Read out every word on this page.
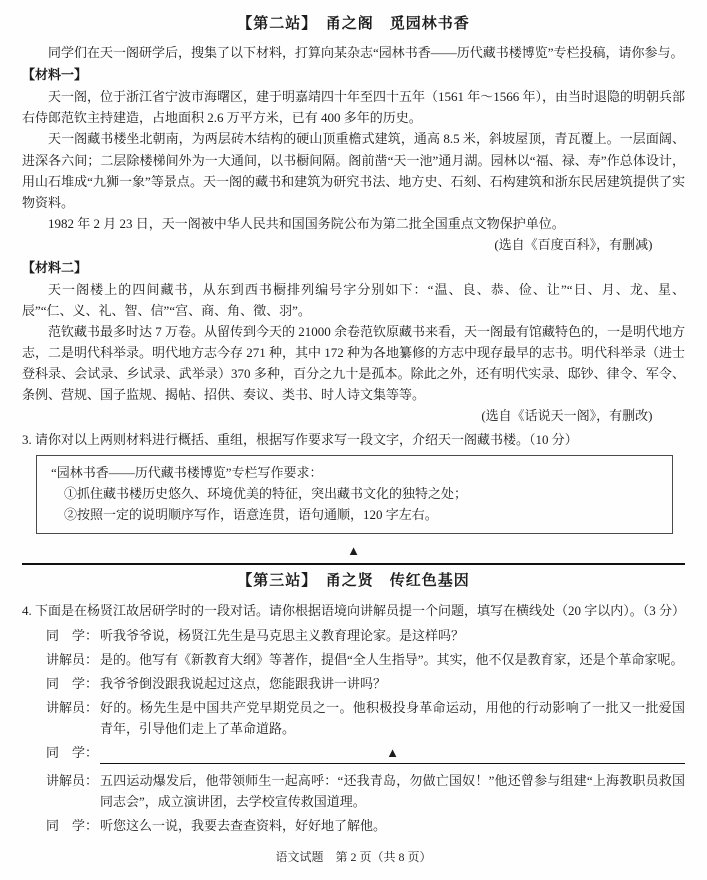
【第二站】　甬之阁　觅园林书香

同学们在天一阁研学后，搜集了以下材料，打算向某杂志“园林书香——历代藏书楼博览”专栏投稿，请你参与。

【材料一】

天一阁，位于浙江省宁波市海曙区，建于明嘉靖四十年至四十五年（1561 年～1566 年），由当时退隐的明朝兵部右侍郎范钦主持建造，占地面积 2.6 万平方米，已有 400 多年的历史。

天一阁藏书楼坐北朝南，为两层砖木结构的硬山顶重檐式建筑，通高 8.5 米，斜坡屋顶，青瓦覆上。一层面阔、进深各六间；二层除楼梯间外为一大通间，以书橱间隔。阁前凿“天一池”通月湖。园林以“福、禄、寿”作总体设计，用山石堆成“九狮一象”等景点。天一阁的藏书和建筑为研究书法、地方史、石刻、石构建筑和浙东民居建筑提供了实物资料。

1982 年 2 月 23 日，天一阁被中华人民共和国国务院公布为第二批全国重点文物保护单位。

(选自《百度百科》，有删减)

【材料二】

天一阁楼上的四间藏书，从东到西书橱排列编号字分别如下：“温、良、恭、俭、让”“日、月、龙、星、辰”“仁、义、礼、智、信”“宫、商、角、徵、羽”。

范钦藏书最多时达 7 万卷。从留传到今天的 21000 余卷范钦原藏书来看，天一阁最有馆藏特色的，一是明代地方志，二是明代科举录。明代地方志今存 271 种，其中 172 种为各地纂修的方志中现存最早的志书。明代科举录（进士登科录、会试录、乡试录、武举录）370 多种，百分之九十是孤本。除此之外，还有明代实录、邸钞、律令、军令、条例、营规、国子监规、揭帖、招供、奏议、类书、时人诗文集等等。

(选自《话说天一阁》，有删改)

3. 请你对以上两则材料进行概括、重组，根据写作要求写一段文字，介绍天一阁藏书楼。（10 分）

“园林书香——历代藏书楼博览”专栏写作要求：
①抓住藏书楼历史悠久、环境优美的特征，突出藏书文化的独特之处；
②按照一定的说明顺序写作，语意连贯，语句通顺，120 字左右。
▲
【第三站】　甬之贤　传红色基因

4. 下面是在杨贤江故居研学时的一段对话。请你根据语境向讲解员提一个问题，填写在横线处（20 字以内）。（3 分）

同　学： 听我爷爷说，杨贤江先生是马克思主义教育理论家。是这样吗？
讲解员： 是的。他写有《新教育大纲》等著作，提倡“全人生指导”。其实，他不仅是教育家，还是个革命家呢。
同　学： 我爷爷倒没跟我说起过这点，您能跟我讲一讲吗？
讲解员： 好的。杨先生是中国共产党早期党员之一。他积极投身革命运动，用他的行动影响了一批又一批爱国青年，引导他们走上了革命道路。
同　学：	▲
讲解员： 五四运动爆发后，他带领师生一起高呼：“还我青岛，勿做亡国奴！”他还曾参与组建“上海教职员救国同志会”，成立演讲团，去学校宣传救国道理。
同　学： 听您这么一说，我要去查查资料，好好地了解他。
语文试题　第 2 页（共 8 页）
